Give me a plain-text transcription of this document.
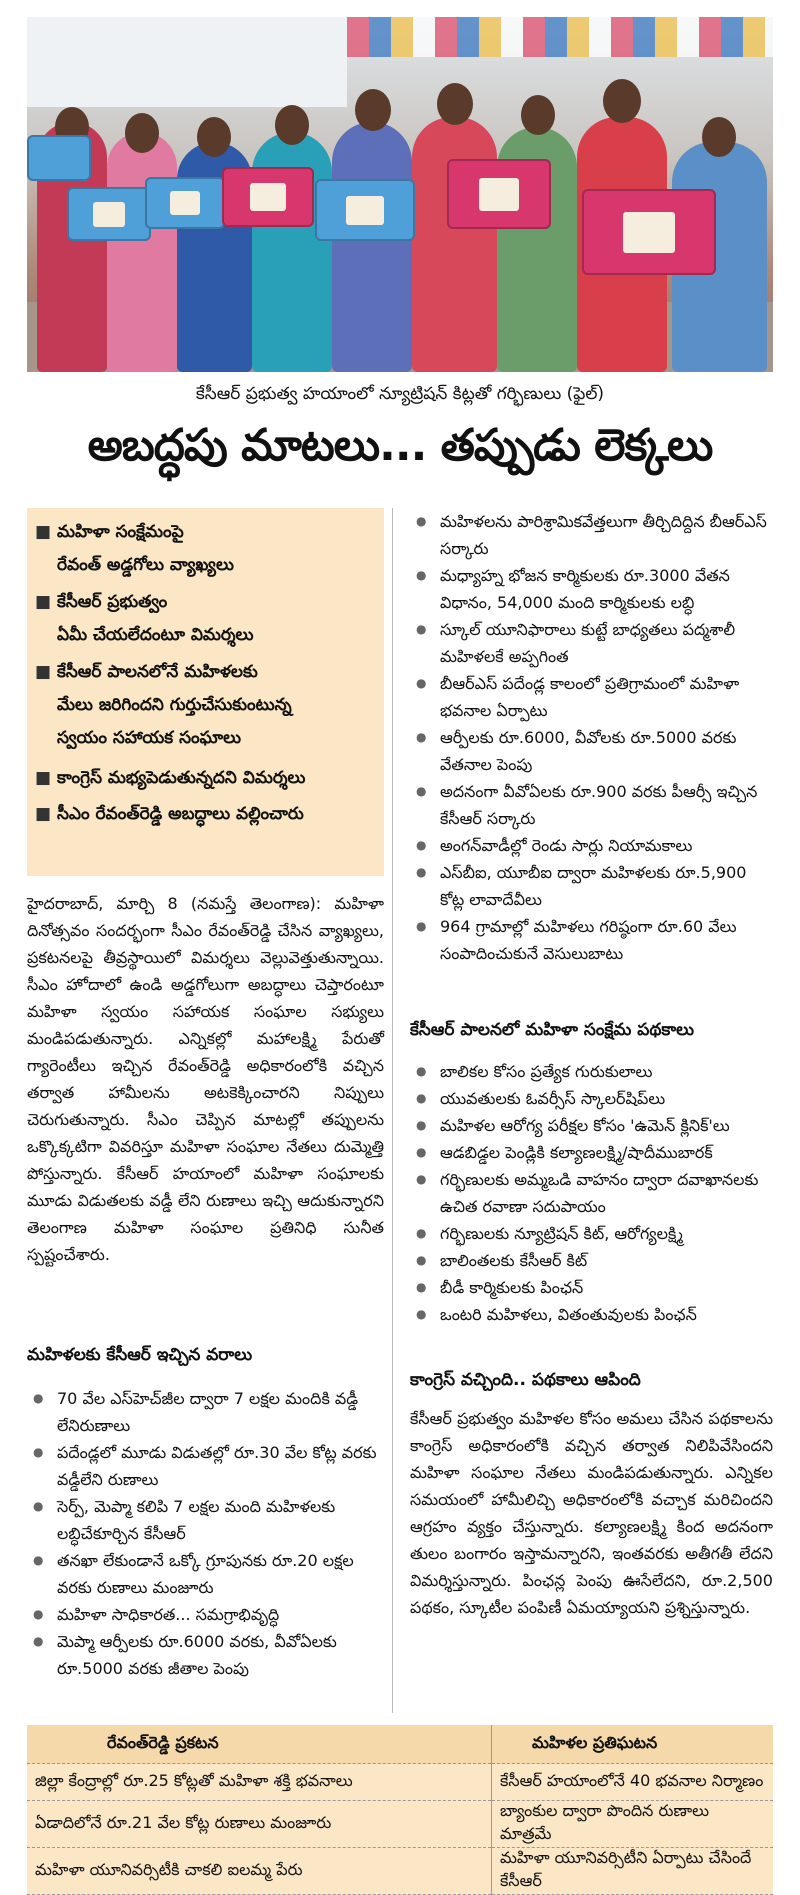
కేసీఆర్ ప్రభుత్వ హయాంలో న్యూట్రిషన్ కిట్లతో గర్భిణులు (ఫైల్)
అబద్ధపు మాటలు... తప్పుడు లెక్కలు
■ మహిళా సంక్షేమంపై
రేవంత్ అడ్డగోలు వ్యాఖ్యలు
■ కేసీఆర్ ప్రభుత్వం
ఏమీ చేయలేదంటూ విమర్శలు
■ కేసీఆర్ పాలనలోనే మహిళలకు
మేలు జరిగిందని గుర్తుచేసుకుంటున్న
స్వయం సహాయక సంఘాలు
■ కాంగ్రెస్ మభ్యపెడుతున్నదని విమర్శలు
■ సీఎం రేవంత్‌రెడ్డి అబద్ధాలు వల్లించారు
హైదరాబాద్, మార్చి 8 (నమస్తే తెలంగాణ): మహిళా దినోత్సవం సందర్భంగా సీఎం రేవంత్‌రెడ్డి చేసిన వ్యాఖ్యలు, ప్రకటనలపై తీవ్రస్థాయిలో విమర్శలు వెల్లువెత్తుతున్నాయి. సీఎం హోదాలో ఉండి అడ్డగోలుగా అబద్ధాలు చెప్తారంటూ మహిళా స్వయం సహాయక సంఘాల సభ్యులు మండిపడుతున్నారు. ఎన్నికల్లో మహాలక్ష్మి పేరుతో గ్యారెంటీలు ఇచ్చిన రేవంత్‌రెడ్డి అధికారంలోకి వచ్చిన తర్వాత హామీలను అటకెక్కించారని నిప్పులు చెరుగుతున్నారు. సీఎం చెప్పిన మాటల్లో తప్పులను ఒక్కొక్కటిగా వివరిస్తూ మహిళా సంఘాల నేతలు దుమ్మెత్తి పోస్తున్నారు. కేసీఆర్ హయాంలో మహిళా సంఘాలకు మూడు విడుతలకు వడ్డీ లేని రుణాలు ఇచ్చి ఆదుకున్నారని తెలంగాణ మహిళా సంఘాల ప్రతినిధి సునీత స్పష్టంచేశారు.
మహిళలకు కేసీఆర్ ఇచ్చిన వరాలు
● 70 వేల ఎస్‌హెచ్‌జీల ద్వారా 7 లక్షల మందికి వడ్డీ లేనిరుణాలు
● పదేండ్లలో మూడు విడుతల్లో రూ.30 వేల కోట్ల వరకు వడ్డీలేని రుణాలు
● సెర్ప్, మెప్మా కలిపి 7 లక్షల మంది మహిళలకు లబ్ధిచేకూర్చిన కేసీఆర్
● తనఖా లేకుండానే ఒక్కో గ్రూపునకు రూ.20 లక్షల వరకు రుణాలు మంజూరు
● మహిళా సాధికారత... సమగ్రాభివృద్ధి
● మెప్మా ఆర్పీలకు రూ.6000 వరకు, వీవోఏలకు రూ.5000 వరకు జీతాల పెంపు
● మహిళలను పారిశ్రామికవేత్తలుగా తీర్చిదిద్దిన బీఆర్ఎస్ సర్కారు
● మధ్యాహ్న భోజన కార్మికులకు రూ.3000 వేతన విధానం, 54,000 మంది కార్మికులకు లబ్ధి
● స్కూల్ యూనిఫారాలు కుట్టే బాధ్యతలు పద్మశాలీ మహిళలకే అప్పగింత
● బీఆర్ఎస్ పదేండ్ల కాలంలో ప్రతిగ్రామంలో మహిళా భవనాల ఏర్పాటు
● ఆర్పీలకు రూ.6000, వీవోలకు రూ.5000 వరకు వేతనాల పెంపు
● అదనంగా వీవోఏలకు రూ.900 వరకు పీఆర్సీ ఇచ్చిన కేసీఆర్ సర్కారు
● అంగన్‌వాడీల్లో రెండు సార్లు నియామకాలు
● ఎస్‌బీఐ, యూబీఐ ద్వారా మహిళలకు రూ.5,900 కోట్ల లావాదేవీలు
● 964 గ్రామాల్లో మహిళలు గరిష్ఠంగా రూ.60 వేలు సంపాదించుకునే వెసులుబాటు
కేసీఆర్ పాలనలో మహిళా సంక్షేమ పథకాలు
● బాలికల కోసం ప్రత్యేక గురుకులాలు
● యువతులకు ఓవర్సీస్ స్కాలర్‌షిప్‌లు
● మహిళల ఆరోగ్య పరీక్షల కోసం 'ఉమెన్ క్లినిక్'లు
● ఆడబిడ్డల పెండ్లికి కల్యాణలక్ష్మి/షాదీముబారక్
● గర్భిణులకు అమ్మఒడి వాహనం ద్వారా దవాఖానలకు ఉచిత రవాణా సదుపాయం
● గర్భిణులకు న్యూట్రిషన్ కిట్, ఆరోగ్యలక్ష్మి
● బాలింతలకు కేసీఆర్ కిట్
● బీడీ కార్మికులకు పింఛన్
● ఒంటరి మహిళలు, వితంతువులకు పింఛన్
కాంగ్రెస్ వచ్చింది.. పథకాలు ఆపింది
కేసీఆర్ ప్రభుత్వం మహిళల కోసం అమలు చేసిన పథకాలను కాంగ్రెస్ అధికారంలోకి వచ్చిన తర్వాత నిలిపివేసిందని మహిళా సంఘాల నేతలు మండిపడుతున్నారు. ఎన్నికల సమయంలో హామీలిచ్చి అధికారంలోకి వచ్చాక మరిచిందని ఆగ్రహం వ్యక్తం చేస్తున్నారు. కల్యాణలక్ష్మి కింద అదనంగా తులం బంగారం ఇస్తామన్నారని, ఇంతవరకు అతీగతీ లేదని విమర్శిస్తున్నారు. పింఛన్ల పెంపు ఊసేలేదని, రూ.2,500 పథకం, స్కూటీల పంపిణీ ఏమయ్యాయని ప్రశ్నిస్తున్నారు.
రేవంత్‌రెడ్డి ప్రకటన	మహిళల ప్రతిఘటన
జిల్లా కేంద్రాల్లో రూ.25 కోట్లతో మహిళా శక్తి భవనాలు	కేసీఆర్ హయాంలోనే 40 భవనాల నిర్మాణం
ఏడాదిలోనే రూ.21 వేల కోట్ల రుణాలు మంజూరు	బ్యాంకుల ద్వారా పొందిన రుణాలు మాత్రమే
మహిళా యూనివర్సిటీకి చాకలి ఐలమ్మ పేరు	మహిళా యూనివర్సిటీని ఏర్పాటు చేసిందే కేసీఆర్
